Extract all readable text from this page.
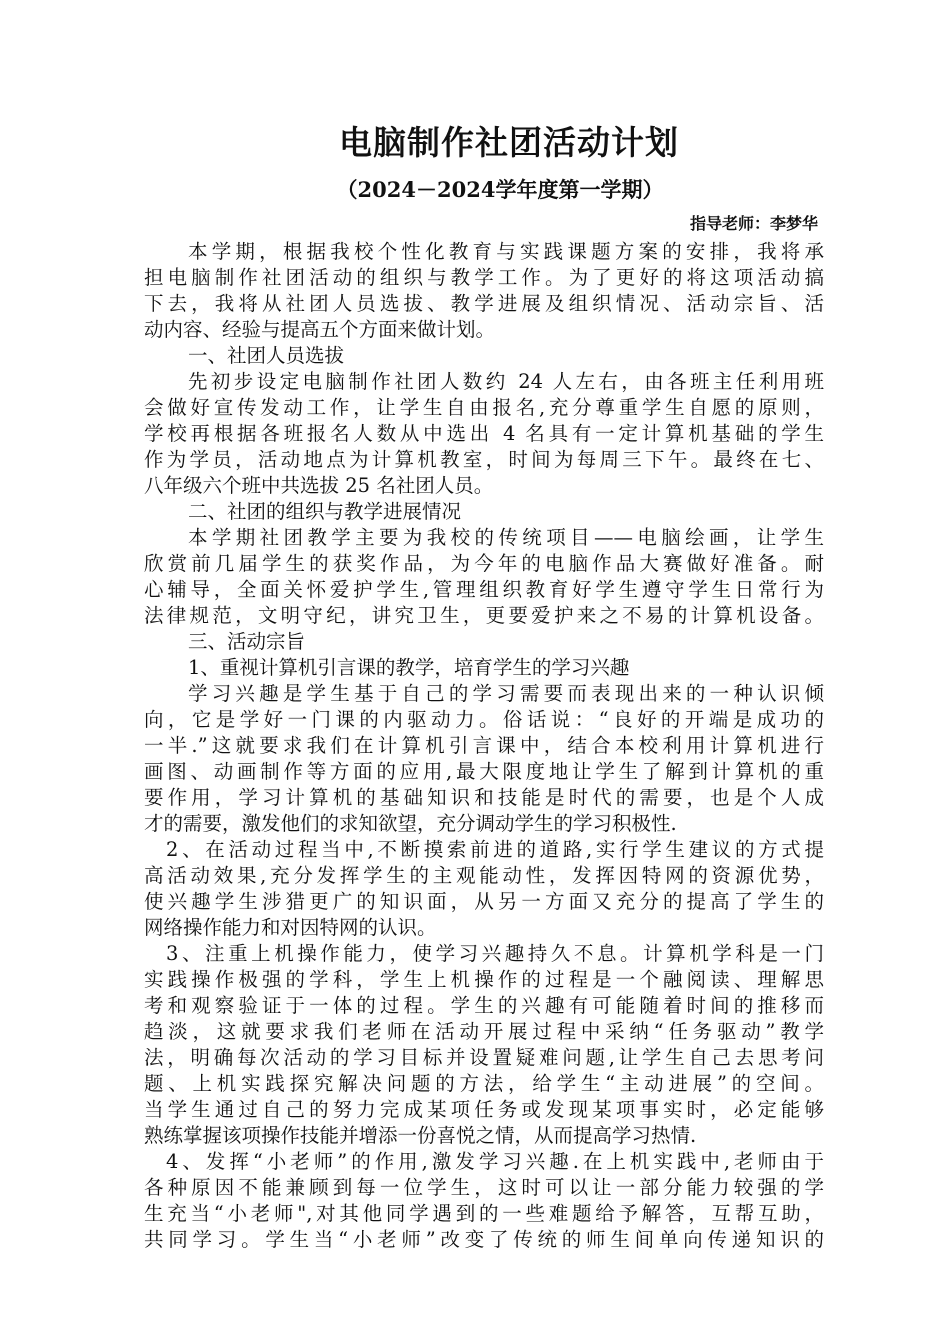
电脑制作社团活动计划
（2024－2024学年度第一学期）
指导老师：李梦华
本学期，根据我校个性化教育与实践课题方案的安排，我将承
担电脑制作社团活动的组织与教学工作。为了更好的将这项活动搞
下去，我将从社团人员选拔、教学进展及组织情况、活动宗旨、活
动内容、经验与提高五个方面来做计划。
一、社团人员选拔
先初步设定电脑制作社团人数约 24 人左右，由各班主任利用班
会做好宣传发动工作，让学生自由报名,充分尊重学生自愿的原则，
学校再根据各班报名人数从中选出 4 名具有一定计算机基础的学生
作为学员，活动地点为计算机教室，时间为每周三下午。最终在七、
八年级六个班中共选拔 25 名社团人员。
二、社团的组织与教学进展情况
本学期社团教学主要为我校的传统项目——电脑绘画，让学生
欣赏前几届学生的获奖作品，为今年的电脑作品大赛做好准备。耐
心辅导，全面关怀爱护学生,管理组织教育好学生遵守学生日常行为
法律规范，文明守纪，讲究卫生，更要爱护来之不易的计算机设备。
三、活动宗旨
1、重视计算机引言课的教学，培育学生的学习兴趣
学习兴趣是学生基于自己的学习需要而表现出来的一种认识倾
向，它是学好一门课的内驱动力。俗话说：“良好的开端是成功的
一半.”这就要求我们在计算机引言课中，结合本校利用计算机进行
画图、动画制作等方面的应用,最大限度地让学生了解到计算机的重
要作用，学习计算机的基础知识和技能是时代的需要，也是个人成
才的需要，激发他们的求知欲望，充分调动学生的学习积极性.
2、在活动过程当中,不断摸索前进的道路,实行学生建议的方式提
高活动效果,充分发挥学生的主观能动性，发挥因特网的资源优势，
使兴趣学生涉猎更广的知识面，从另一方面又充分的提高了学生的
网络操作能力和对因特网的认识。
3、注重上机操作能力，使学习兴趣持久不息。计算机学科是一门
实践操作极强的学科，学生上机操作的过程是一个融阅读、理解思
考和观察验证于一体的过程。学生的兴趣有可能随着时间的推移而
趋淡，这就要求我们老师在活动开展过程中采纳“任务驱动”教学
法，明确每次活动的学习目标并设置疑难问题,让学生自己去思考问
题、上机实践探究解决问题的方法，给学生“主动进展”的空间。
当学生通过自己的努力完成某项任务或发现某项事实时，必定能够
熟练掌握该项操作技能并增添一份喜悦之情，从而提高学习热情.
4、发挥“小老师”的作用,激发学习兴趣.在上机实践中,老师由于
各种原因不能兼顾到每一位学生，这时可以让一部分能力较强的学
生充当“小老师",对其他同学遇到的一些难题给予解答，互帮互助，
共同学习。学生当“小老师”改变了传统的师生间单向传递知识的
